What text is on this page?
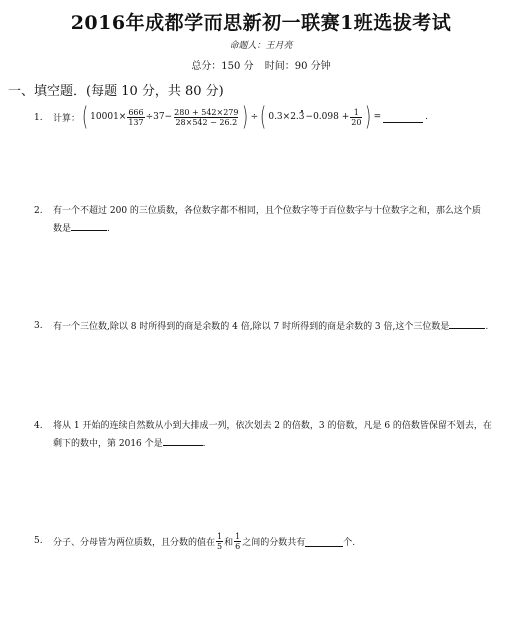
2016年成都学而思新初一联赛1班选拔考试
命题人：王月亮
总分：150 分 时间：90 分钟
一、填空题．(每题 10 分，共 80 分)
1. 计算： ( $10001\times \frac{666}{137} \div 37- \frac{280 + 542\times 279}{28\times 542 - 26.2}$ ) ÷ ( 0.3×2. $3 -0.098 + \frac{1}{20}$ ) =	.
2. 有一个不超过 200 的三位质数，各位数字都不相同，且个位数字等于百位数字与十位数字之和，那么这个质
数是	.
3. 有一个三位数,除以 8 时所得到的商是余数的 4 倍,除以 7 时所得到的商是余数的 3 倍,这个三位数是	.
4. 将从 1 开始的连续自然数从小到大排成一列，依次划去 2 的倍数，3 的倍数，凡是 6 的倍数皆保留不划去，在
剩下的数中，第 2016 个是	.
5. 分子、分母皆为两位质数，且分数的值在 $\frac{1}{5}$ 和 $\frac{1}{6}$ 之间的分数共有	个.
